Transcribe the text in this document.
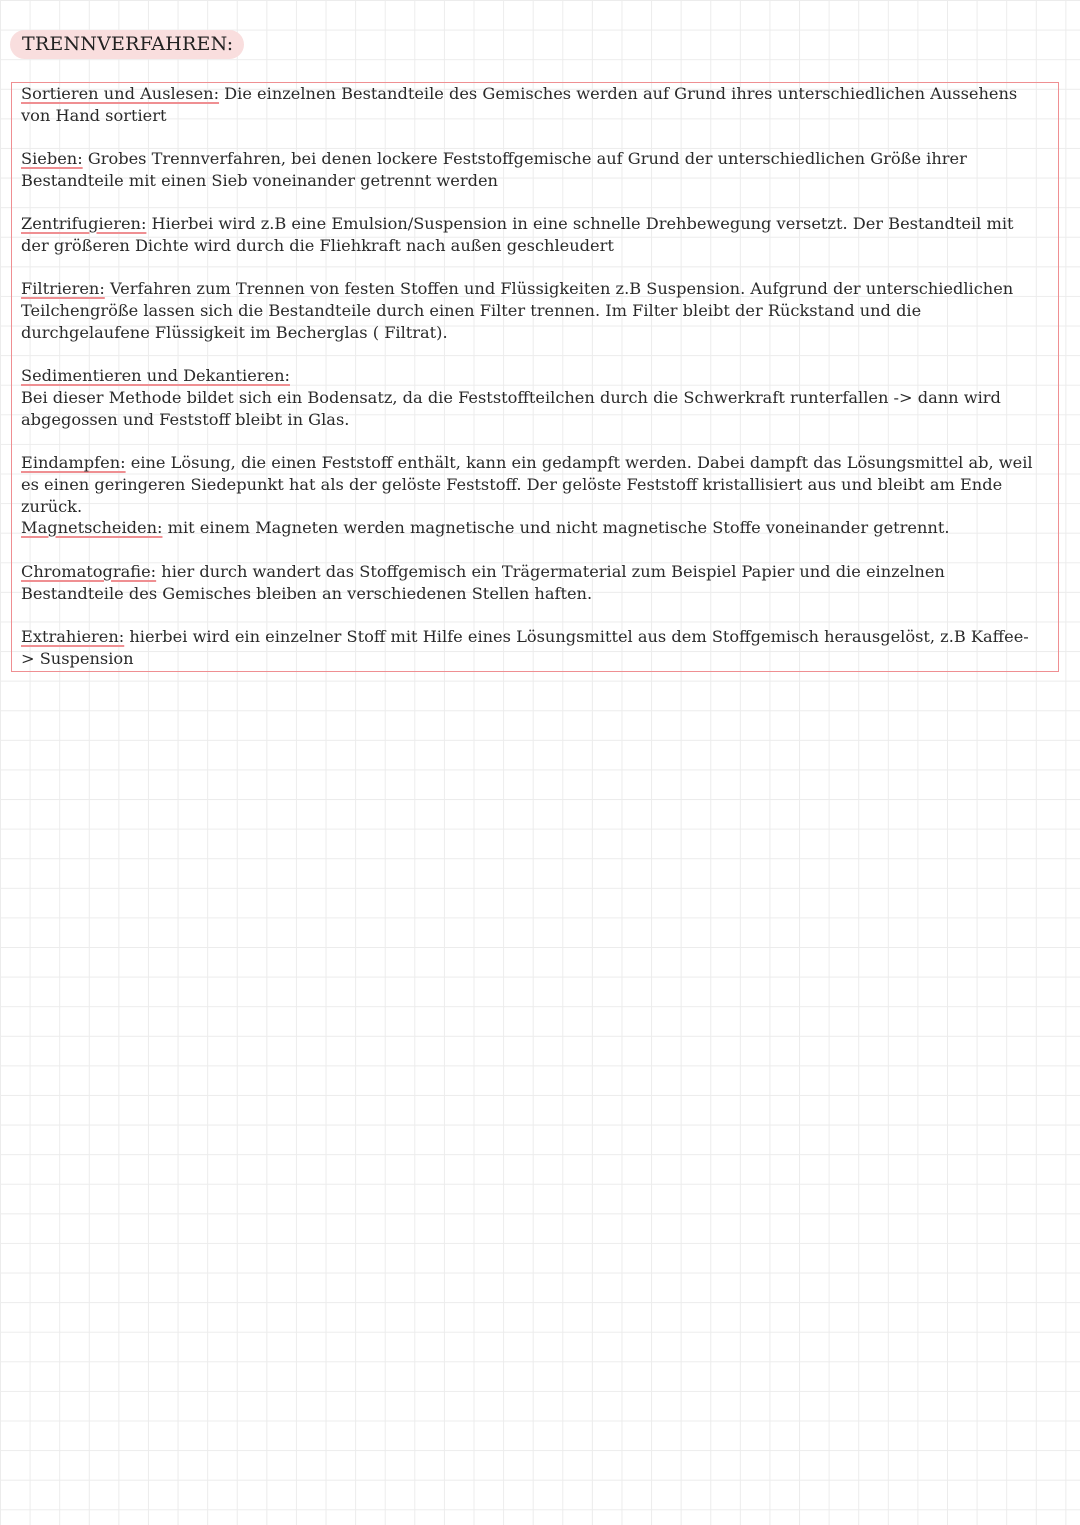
TRENNVERFAHREN:
Sortieren und Auslesen: Die einzelnen Bestandteile des Gemisches werden auf Grund ihres unterschiedlichen Aussehens von Hand sortiert
Sieben: Grobes Trennverfahren, bei denen lockere Feststoffgemische auf Grund der unterschiedlichen Größe ihrer Bestandteile mit einen Sieb voneinander getrennt werden
Zentrifugieren: Hierbei wird z.B eine Emulsion/Suspension in eine schnelle Drehbewegung versetzt. Der Bestandteil mit der größeren Dichte wird durch die Fliehkraft nach außen geschleudert
Filtrieren: Verfahren zum Trennen von festen Stoffen und Flüssigkeiten z.B Suspension. Aufgrund der unterschiedlichen Teilchengröße lassen sich die Bestandteile durch einen Filter trennen. Im Filter bleibt der Rückstand und die durchgelaufene Flüssigkeit im Becherglas ( Filtrat).
Sedimentieren und Dekantieren:
Bei dieser Methode bildet sich ein Bodensatz, da die Feststoffteilchen durch die Schwerkraft runterfallen -> dann wird abgegossen und Feststoff bleibt in Glas.
Eindampfen: eine Lösung, die einen Feststoff enthält, kann ein gedampft werden. Dabei dampft das Lösungsmittel ab, weil es einen geringeren Siedepunkt hat als der gelöste Feststoff. Der gelöste Feststoff kristallisiert aus und bleibt am Ende zurück.
Magnetscheiden: mit einem Magneten werden magnetische und nicht magnetische Stoffe voneinander getrennt.
Chromatografie: hier durch wandert das Stoffgemisch ein Trägermaterial zum Beispiel Papier und die einzelnen Bestandteile des Gemisches bleiben an verschiedenen Stellen haften.
Extrahieren: hierbei wird ein einzelner Stoff mit Hilfe eines Lösungsmittel aus dem Stoffgemisch herausgelöst, z.B Kaffee-> Suspension
